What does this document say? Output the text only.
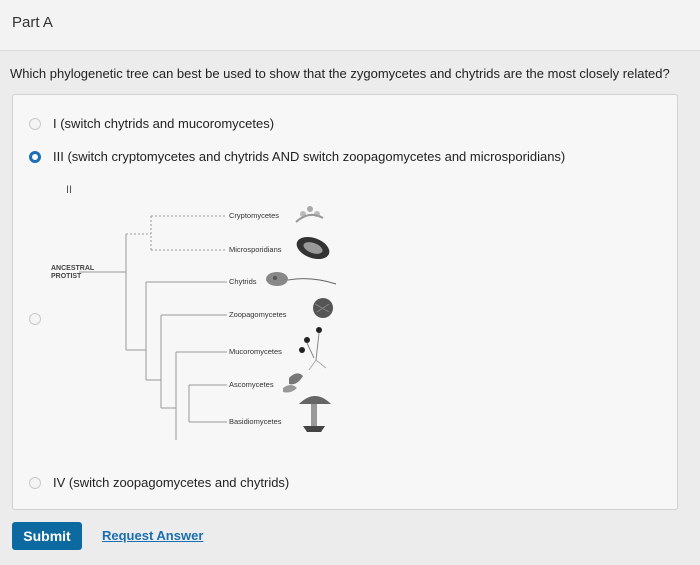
Part A
Which phylogenetic tree can best be used to show that the zygomycetes and chytrids are the most closely related?
I (switch chytrids and mucoromycetes)
III (switch cryptomycetes and chytrids AND switch zoopagomycetes and microsporidians)
II
ANCESTRAL
PROTIST
Cryptomycetes
Microsporidians
Chytrids
Zoopagomycetes
Mucoromycetes
Ascomycetes
Basidiomycetes
IV (switch zoopagomycetes and chytrids)
Submit	Request Answer
